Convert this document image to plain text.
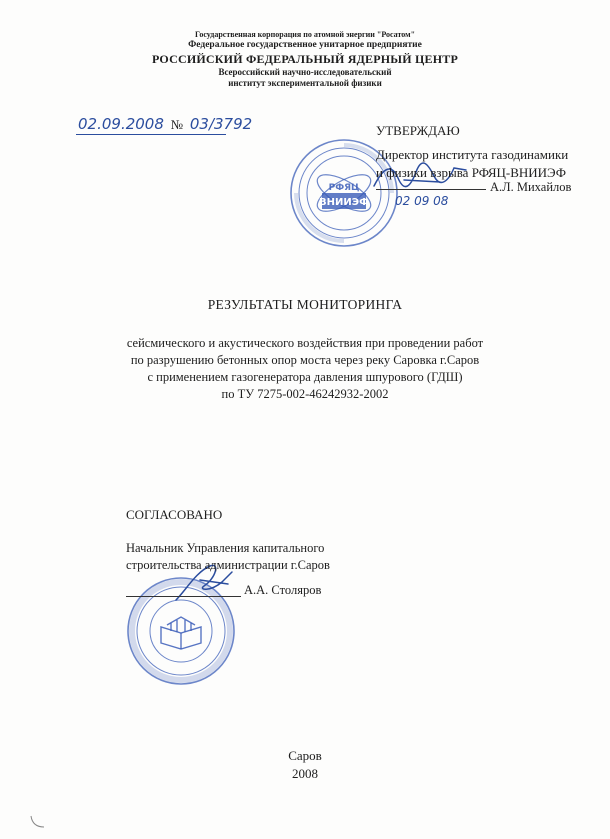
Государственная корпорация по атомной энергии "Росатом"
Федеральное государственное унитарное предприятие
РОССИЙСКИЙ ФЕДЕРАЛЬНЫЙ ЯДЕРНЫЙ ЦЕНТР
Всероссийский научно-исследовательский
институт экспериментальной физики
02.09.2008 № 03/3792
ВНИИЭФ
РФЯЦ
УТВЕРЖДАЮ
Директор института газодинамики
и физики взрыва РФЯЦ-ВНИИЭФ
А.Л. Михайлов
02 09 08
РЕЗУЛЬТАТЫ МОНИТОРИНГА
сейсмического и акустического воздействия при проведении работ
по разрушению бетонных опор моста через реку Саровка г.Саров
с применением газогенератора давления шпурового (ГДШ)
по ТУ 7275-002-46242932-2002
СОГЛАСОВАНО
Начальник Управления капитального
строительства администрации г.Саров
А.А. Столяров
Саров
2008
